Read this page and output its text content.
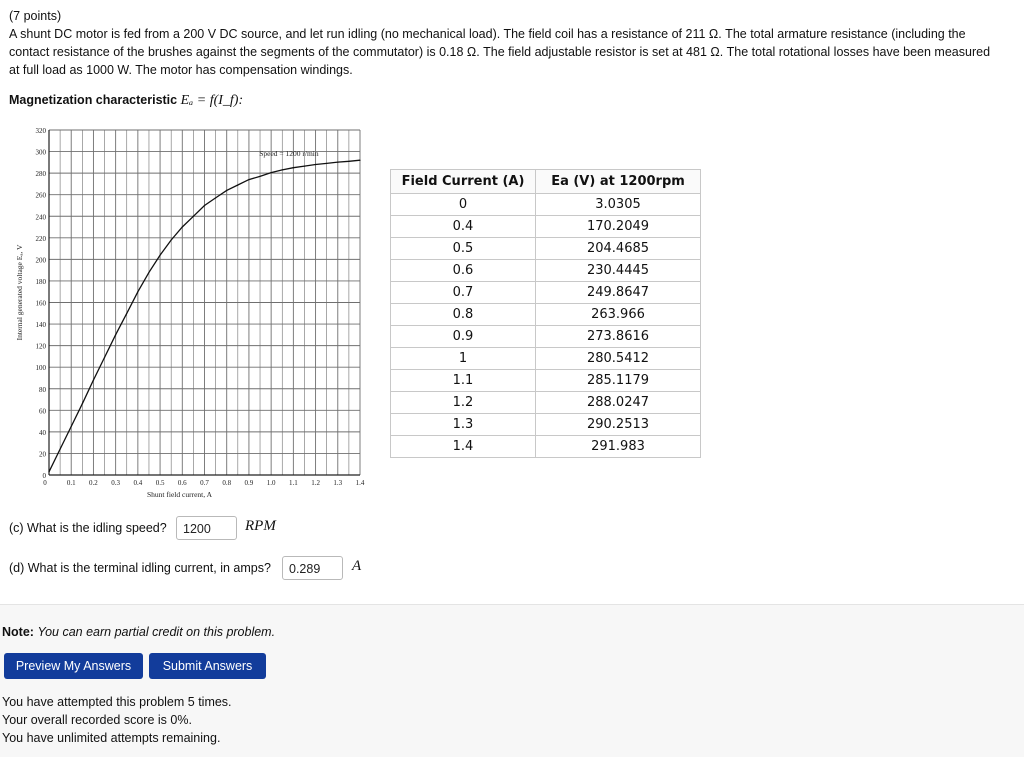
(7 points)
A shunt DC motor is fed from a 200 V DC source, and let run idling (no mechanical load). The field coil has a resistance of 211 Ω. The total armature resistance (including the
contact resistance of the brushes against the segments of the commutator) is 0.18 Ω. The field adjustable resistor is set at 481 Ω. The total rotational losses have been measured
at full load as 1000 W. The motor has compensation windings.
Magnetization characteristic Eₐ = f(I_f):
0
20
40
60
80
100
120
140
160
180
200
220
240
260
280
300
320
0	0.1 0.2 0.3 0.4 0.5 0.6 0.7 0.8 0.9 1.0 1.1 1.2 1.3 1.4
Shunt field current, A
Internal generated voltage Eₐ, V
Speed = 1200 r/min
Field Current (A)	Ea (V) at 1200rpm
0	3.0305
0.4	170.2049
0.5	204.4685
0.6	230.4445
0.7	249.8647
0.8	263.966
0.9	273.8616
1	280.5412
1.1	285.1179
1.2	288.0247
1.3	290.2513
1.4	291.983
(c) What is the idling speed?	1200	RPM
(d) What is the terminal idling current, in amps?	0.289	A
Note: You can earn partial credit on this problem.
Preview My Answers	Submit Answers
You have attempted this problem 5 times.
Your overall recorded score is 0%.
You have unlimited attempts remaining.
